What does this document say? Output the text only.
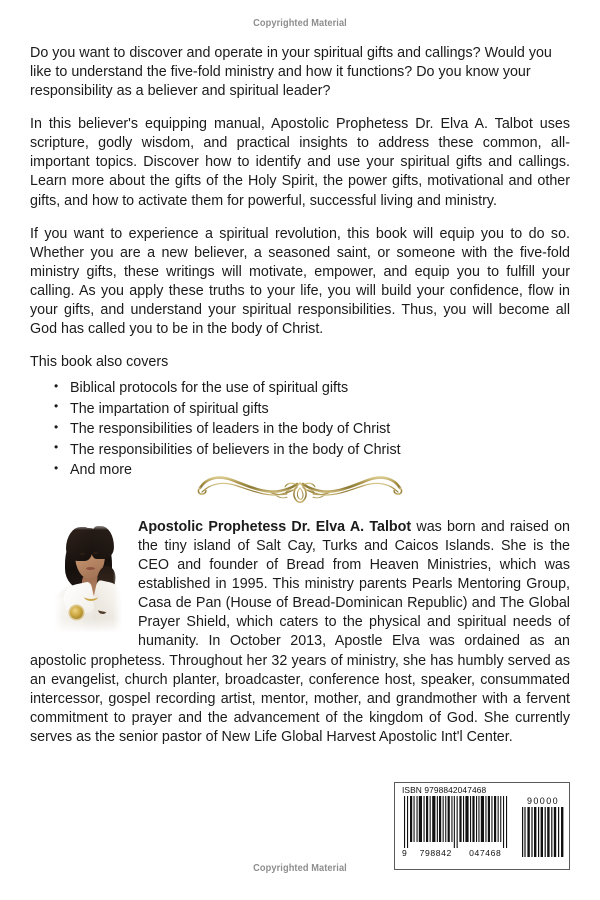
Copyrighted Material

Do you want to discover and operate in your spiritual gifts and callings? Would you like to understand the five-fold ministry and how it functions? Do you know your responsibility as a believer and spiritual leader?

In this believer's equipping manual, Apostolic Prophetess Dr. Elva A. Talbot uses scripture, godly wisdom, and practical insights to address these common, all-important topics. Discover how to identify and use your spiritual gifts and callings. Learn more about the gifts of the Holy Spirit, the power gifts, motivational and other gifts, and how to activate them for powerful, successful living and ministry.

If you want to experience a spiritual revolution, this book will equip you to do so. Whether you are a new believer, a seasoned saint, or someone with the five-fold ministry gifts, these writings will motivate, empower, and equip you to fulfill your calling. As you apply these truths to your life, you will build your confidence, flow in your gifts, and understand your spiritual responsibilities. Thus, you will become all God has called you to be in the body of Christ.

This book also covers

• Biblical protocols for the use of spiritual gifts
• The impartation of spiritual gifts
• The responsibilities of leaders in the body of Christ
• The responsibilities of believers in the body of Christ
• And more

Apostolic Prophetess Dr. Elva A. Talbot was born and raised on the tiny island of Salt Cay, Turks and Caicos Islands. She is the CEO and founder of Bread from Heaven Ministries, which was established in 1995. This ministry parents Pearls Mentoring Group, Casa de Pan (House of Bread-Dominican Republic) and The Global Prayer Shield, which caters to the physical and spiritual needs of humanity. In October 2013, Apostle Elva was ordained as an apostolic prophetess. Throughout her 32 years of ministry, she has humbly served as an evangelist, church planter, broadcaster, conference host, speaker, consummated intercessor, gospel recording artist, mentor, mother, and grandmother with a fervent commitment to prayer and the advancement of the kingdom of God. She currently serves as the senior pastor of New Life Global Harvest Apostolic Int'l Center.

ISBN 9798842047468
9	798842	047468
90000
Copyrighted Material
